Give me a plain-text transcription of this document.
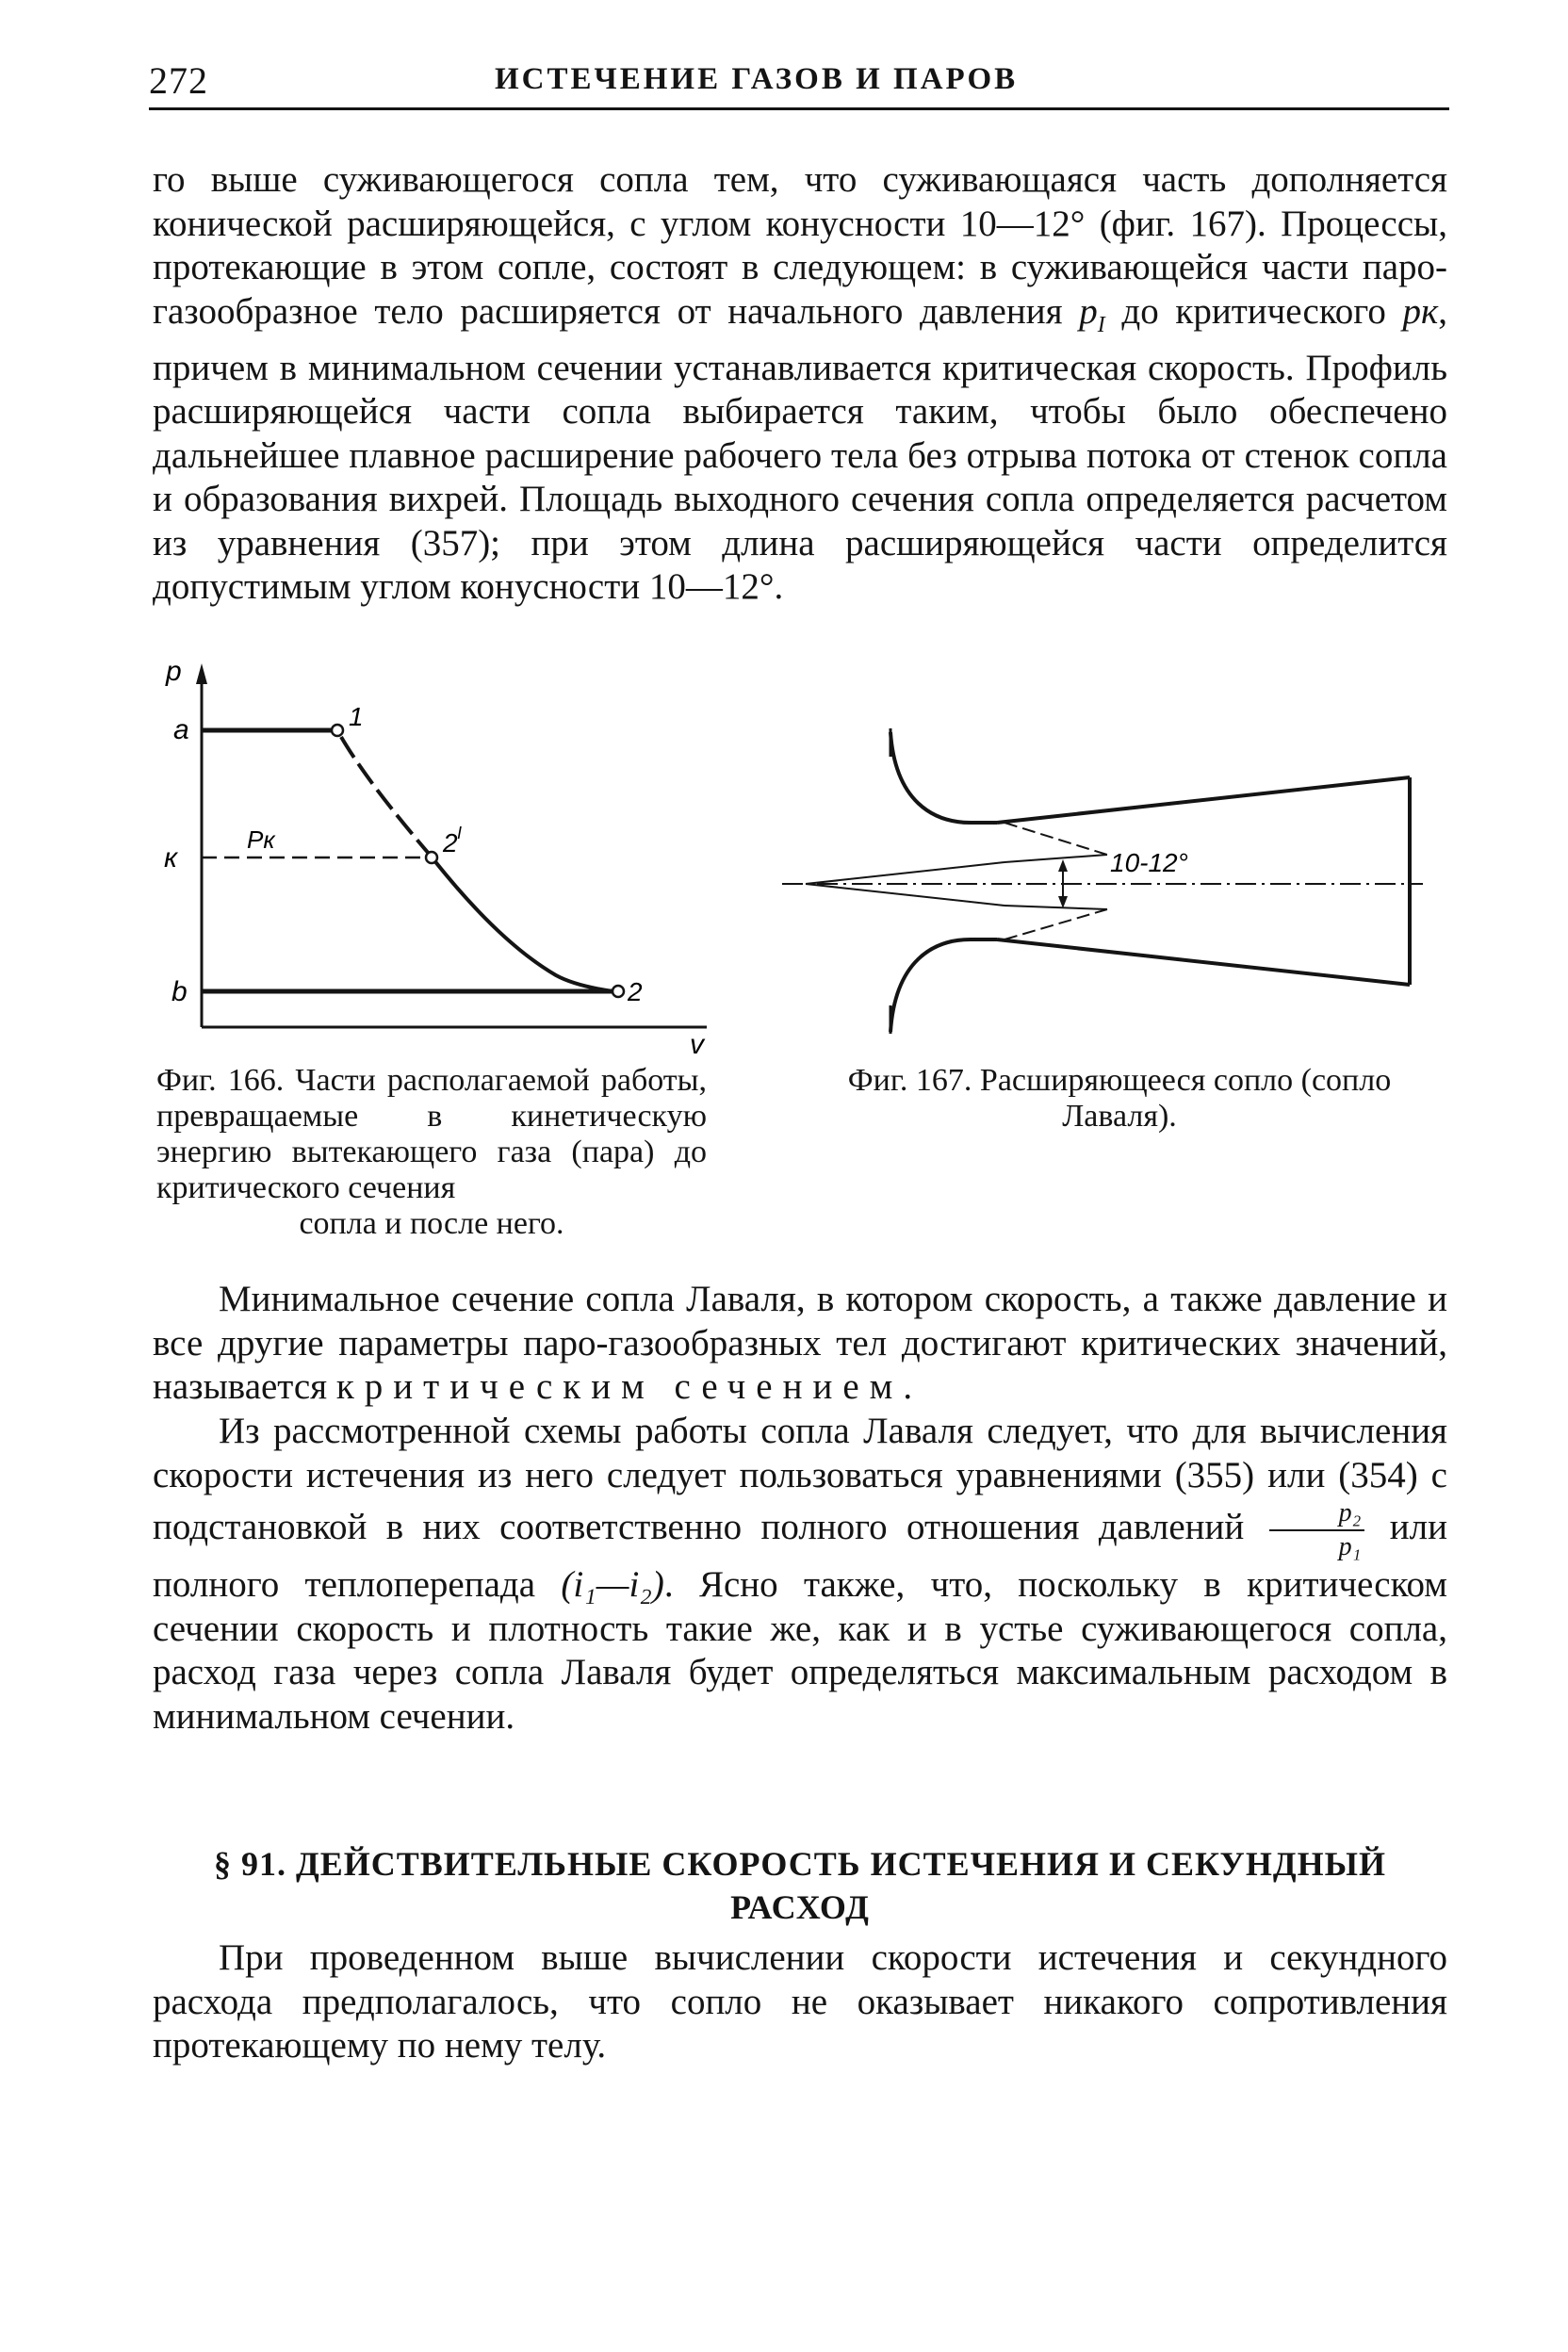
272	ИСТЕЧЕНИЕ ГАЗОВ И ПАРОВ

го выше суживающегося сопла тем, что суживающаяся часть дополняется конической расширяющейся, с углом конусности 10—12° (фиг. 167). Процессы, протекающие в этом сопле, состоят в следующем: в суживающейся части паро-газообразное тело расширяется от начального давления $p_I$ до критического pк, причем в минимальном сечении устанавливается критическая скорость. Профиль расширяющейся части сопла выбирается таким, чтобы было обеспечено дальнейшее плавное расширение рабочего тела без отрыва потока от стенок сопла и образования вихрей. Площадь выходного сечения сопла определяется расчетом из уравнения (357); при этом длина расширяющейся части определится допустимым углом конусности 10—12°.

p
v
a	1
к
Pк	2 I
b	2

Фиг. 166. Части располагаемой работы, превращаемые в кинетическую энергию вытекающего газа (пара) до критического сечения
сопла и после него.

10-12°

Фиг. 167. Расширяющееся сопло (сопло Лаваля).

Минимальное сечение сопла Лаваля, в котором скорость, а также давление и все другие параметры паро-газообразных тел достигают критических значений, называется критическим сечением.

Из рассмотренной схемы работы сопла Лаваля следует, что для вычисления скорости истечения из него следует пользоваться уравнениями (355) или (354) с подстановкой в них соответственно полного отношения давлений $\frac{\text{p₂}}{\text{p₁}}$ или полного теплоперепада (i₁—i₂). Ясно также, что, поскольку в критическом сечении скорость и плотность такие же, как и в устье суживающегося сопла, расход газа через сопла Лаваля будет определяться максимальным расходом в минимальном сечении.

§ 91. ДЕЙСТВИТЕЛЬНЫЕ СКОРОСТЬ ИСТЕЧЕНИЯ И СЕКУНДНЫЙ РАСХОД

При проведенном выше вычислении скорости истечения и секундного расхода предполагалось, что сопло не оказывает никакого сопротивления протекающему по нему телу.
